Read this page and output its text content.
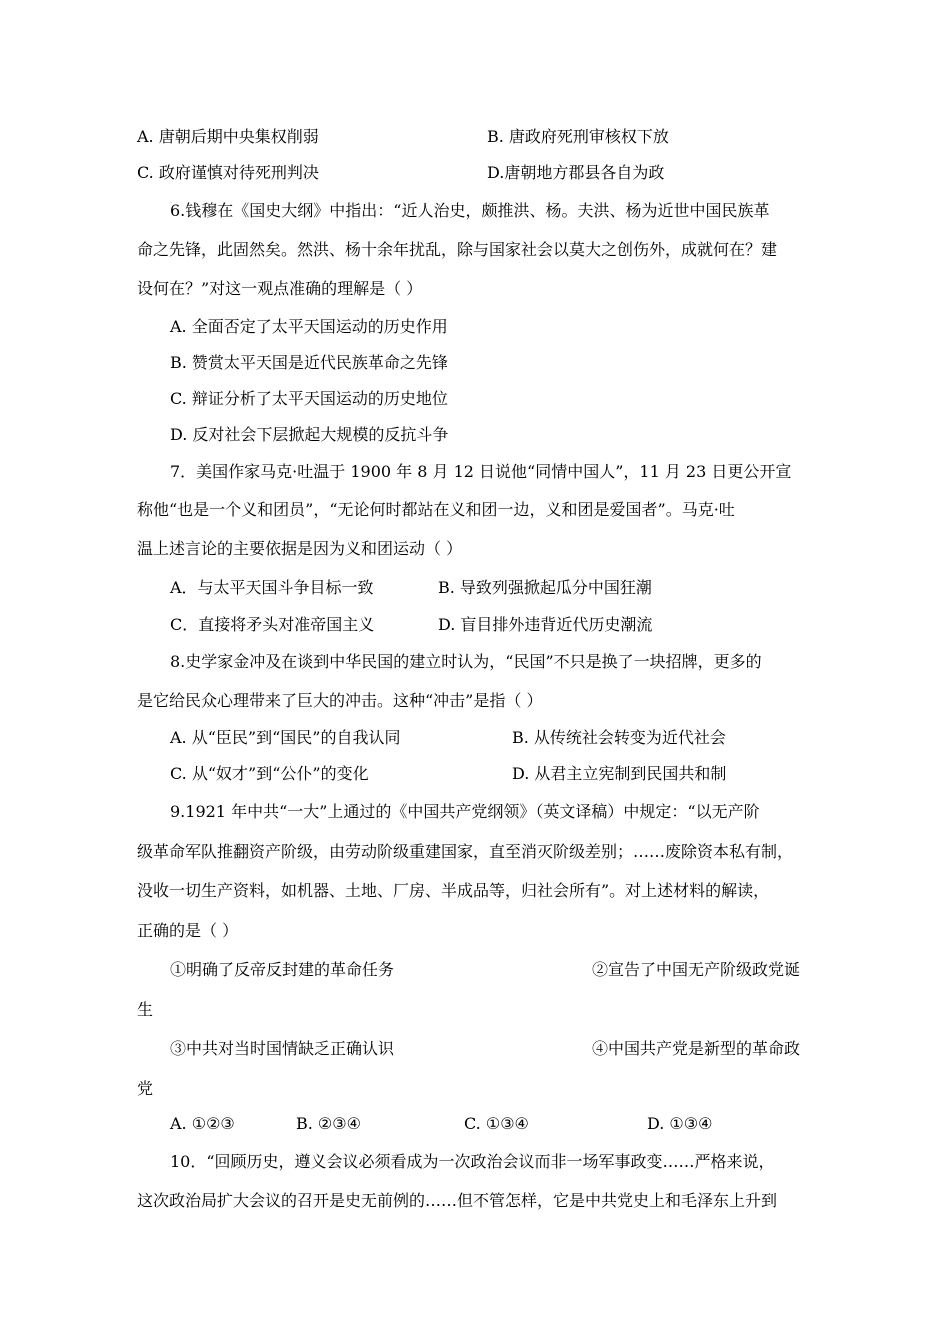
A. 唐朝后期中央集权削弱	B. 唐政府死刑审核权下放
C. 政府谨慎对待死刑判决	D.唐朝地方郡县各自为政
6.钱穆在《国史大纲》中指出：“近人治史，颇推洪、杨。夫洪、杨为近世中国民族革
命之先锋，此固然矣。然洪、杨十余年扰乱，除与国家社会以莫大之创伤外，成就何在？建
设何在？”对这一观点准确的理解是（ ）
A. 全面否定了太平天国运动的历史作用
B. 赞赏太平天国是近代民族革命之先锋
C. 辩证分析了太平天国运动的历史地位
D. 反对社会下层掀起大规模的反抗斗争
7．美国作家马克·吐温于 1900 年 8 月 12 日说他“同情中国人”，11 月 23 日更公开宣
称他“也是一个义和团员”，“无论何时都站在义和团一边，义和团是爱国者”。马克·吐
温上述言论的主要依据是因为义和团运动（ ）
A．与太平天国斗争目标一致	B. 导致列强掀起瓜分中国狂潮
C．直接将矛头对准帝国主义	D. 盲目排外违背近代历史潮流
8.史学家金冲及在谈到中华民国的建立时认为，“民国”不只是换了一块招牌，更多的
是它给民众心理带来了巨大的冲击。这种“冲击”是指（ ）
A. 从“臣民”到“国民”的自我认同	B. 从传统社会转变为近代社会
C. 从“奴才”到“公仆”的变化	D. 从君主立宪制到民国共和制
9.1921 年中共“一大”上通过的《中国共产党纲领》（英文译稿）中规定：“以无产阶
级革命军队推翻资产阶级，由劳动阶级重建国家，直至消灭阶级差别；……废除资本私有制，
没收一切生产资料，如机器、土地、厂房、半成品等，归社会所有”。对上述材料的解读，
正确的是（ ）
①明确了反帝反封建的革命任务	②宣告了中国无产阶级政党诞
生
③中共对当时国情缺乏正确认识	④中国共产党是新型的革命政
党
A. ①②③	B. ②③④	C. ①③④	D. ①③④
10．“回顾历史，遵义会议必须看成为一次政治会议而非一场军事政变……严格来说，
这次政治局扩大会议的召开是史无前例的……但不管怎样，它是中共党史上和毛泽东上升到
